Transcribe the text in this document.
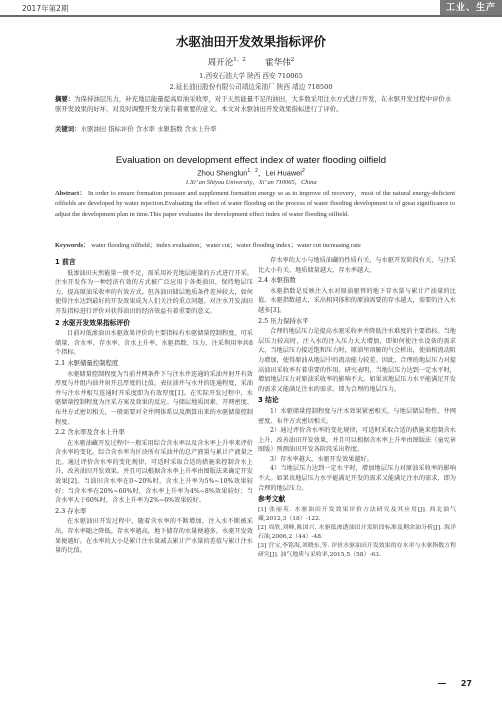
2017年第2期	工业、生产
水驱油田开发效果指标评价
周开沦$^{1、2}$ 霍华伟$^2$
1.西安石油大学 陕西 西安 710065
2.延长油田股份有限公司靖边采油厂 陕西 靖边 718500
摘要：为保持油层压力，补充地层能量提高原油采收率，对于天然能量不足的油田，大多数采用注水方式进行开发，在水驱开发过程中评价水驱开发效果的好坏，对及时调整开发方案有着重要的意义。本文对水驱油田开发效果指标进行了评价。
关键词：水驱油田 指标评价 含水率 水驱指数 含水上升率
Evaluation on development effect index of water flooding oilfield
Zhou Shenglun$^{1、2}$，Lei Huawei$^2$
1.Xi’ an Shiyou University，Xi’ an 710065，China
Abstract： In order to ensure formation pressure and supplement formation energy so as to improve oil recovery，most of the natural energy-deficient oilfields are developed by water injection.Evaluating the effect of water flooding on the process of water flooding development is of great significance to adjust the development plan in time.This paper evaluates the development effect index of water flooding oilfield.
Keywords： water flooding oilfield；index evaluation；water cut；water flooding index；water cut increasing rate
1 前言

低渗油田天然能量一般不足，需采用补充地层能量的方式进行开采。注水开发作为一种经济有效的方式被广泛应用于各类油田，保持地层压力，提高原油采收率的有效方式。但各油田储层地质条件差异较大，如何使得注水达到最好的开发效果成为人们关注的重点问题。对注水开发油田开发指标进行评价对获得油田的经济效益有着重要的意义。

2 水驱开发效果指标评价

目前对低渗油田水驱效果评价的主要指标有水驱储量控制程度、可采储量、含水率、存水率、含水上升率、水驱指数、压力、注采利用率共8个指标。

2.1 水驱储量控制程度

水驱储量控制程度为当前井网条件下与注水井连通的采油井射开有效厚度与井组内油井射开总厚度的比值。表征油井与水井的连通程度，采油井与注水井相互连通时开采度即为有效厚度[1]。在实际开发过程中，水驱储量控制程度为注采方案及效果的反应。与储层地质因素、开网密度、布井方式密切相关，一般需要对全井网体系以及测算出来的水驱储量控制程度。

2.2 含水率及含水上升率

在水驱油藏开发过程中一般采用综合含水率以及含水率上升率来评价含水率的变化。综合含水率为区块所有采油井的总产液量与累计产液量之比。通过评价含水率的变化规律，可适时采取合适的措施来控制含水上升，改善油田开发效果。并且可以根据含水率上升率由图版法来确定开发效果[2]。当油田含水率在0~20%时，含水上升率为5%~10%效果较好；当含水率在20%~60%时，含水率上升率为4%~8%效果较好；当含水率大于60%时，含水上升率为2%~6%效果较好。

2.3 存水率

在水驱油田开发过程中，随着含水率的不断增加，注入水不断被采出，存水率随之降低。存水率越高，地下储存的水量便越多，水驱开发效果便越好。在水率的大小是累计注水量减去累计产水量的差值与累计注水量的比值。

存水率的大小与地质油藏的性质有关，与水驱开发阶段有关，与注采比大小有关。地质储量越大，存水率越大。

2.4 水驱指数

水驱指数是反映注入水对原油驱替的地下存水量与累计产油量的比值。水驱指数越大，采出相同体积的原油需要的存水越大，需要的注入水越多[3]。

2.5 压力保持水平

合理的地层压力是提高水驱采收率并降低注水难度的主要指标。当地层压力较高时，注入水的注入压力大大增加，即如何使注水设备的需求大，当地层压力接近饱和压力时，原油里溶解的气会析出，使油相流动阻力增加，使得原油从地层中的流动能力较差。因此，合理的地层压力对提高油田采收率有着重要的作用。研究表明，当地层压力达到一定水平时，增加地层压力对原油采收率的影响不大。如果该地层压力水平能满足开发的需求又能满足注水的需求，即为合理的地层压力。

3 结论

1）水驱储量控制程度与注水效果紧密相关，与地层储层物性、井网密度、布井方式密切相关。

2）通过评价含水率的变化规律，可适时采取合适的措施来控制含水上升，改善油田开发效果，并且可以根据含水率上升率由图版法（童宪章图版）预测油田开发各阶段采出程度。

3）存水率越大，水驱开发效果越好。

4）当地层压力达到一定水平时，增加地层压力对原油采收率的影响不大。如果该地层压力水平能满足开发的需求又能满足注水的需求，即为合理的地层压力。

参考文献

[1] 张丽英. 水驱油田开发效果评价方法研究及其应用[J]. 西北油气藏,2012,3（18）-122.

[2] 周欣,刘峰,陈国兴. 水驱低渗透油田开发阶段标准及剩余油分析[J]. 海洋石油,2006,2（44）-48.

[3] 宫宝,李铭海,刘晓东,等. 评价水驱油田开发效果的存水率与水驱指数方程研究[J]. 油气地质与采收率,2015,5（58）-63.

27
